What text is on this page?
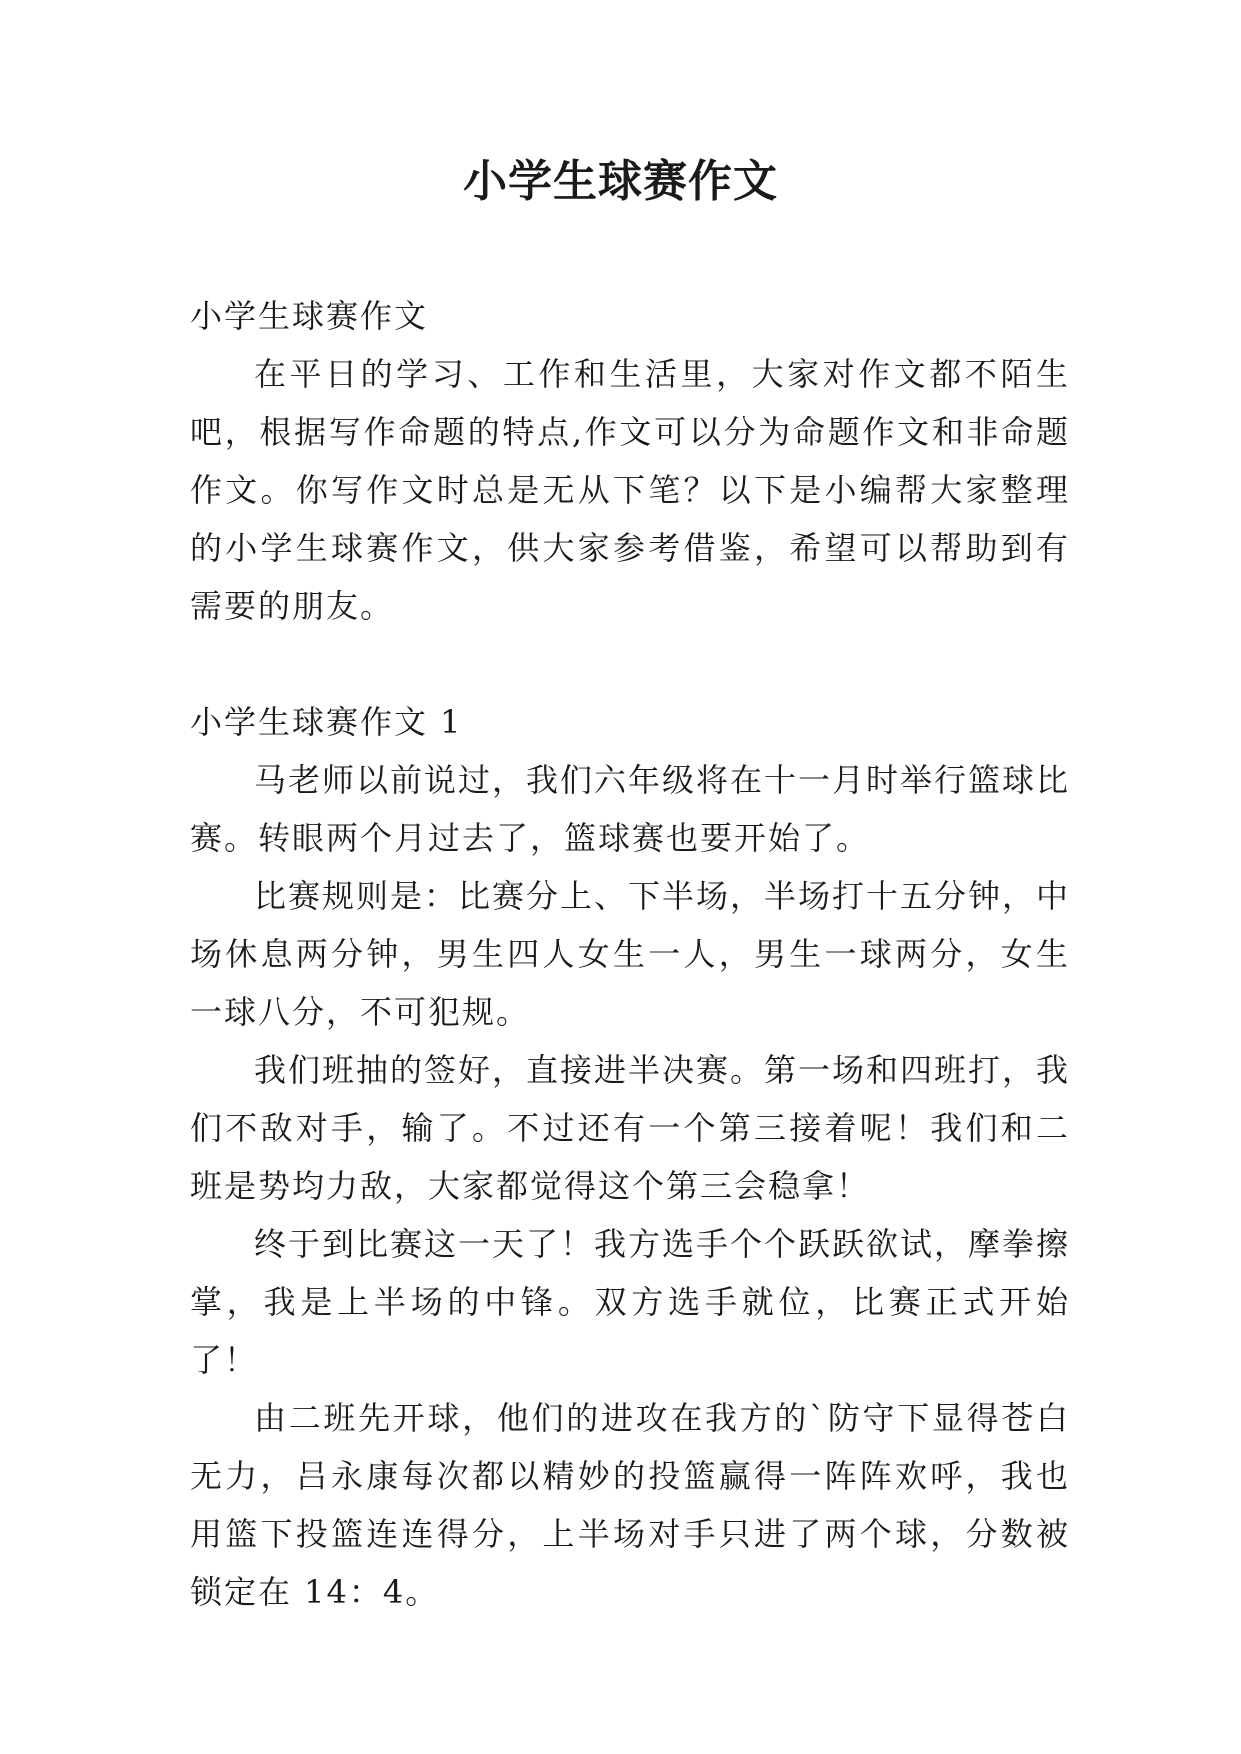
小学生球赛作文

小学生球赛作文

在平日的学习、工作和生活里，大家对作文都不陌生吧，根据写作命题的特点,作文可以分为命题作文和非命题作文。你写作文时总是无从下笔？以下是小编帮大家整理的小学生球赛作文，供大家参考借鉴，希望可以帮助到有需要的朋友。

小学生球赛作文 1

马老师以前说过，我们六年级将在十一月时举行篮球比赛。转眼两个月过去了，篮球赛也要开始了。

比赛规则是：比赛分上、下半场，半场打十五分钟，中场休息两分钟，男生四人女生一人，男生一球两分，女生一球八分，不可犯规。

我们班抽的签好，直接进半决赛。第一场和四班打，我们不敌对手，输了。不过还有一个第三接着呢！我们和二班是势均力敌，大家都觉得这个第三会稳拿！

终于到比赛这一天了！我方选手个个跃跃欲试，摩拳擦掌，我是上半场的中锋。双方选手就位，比赛正式开始了！

由二班先开球，他们的进攻在我方的`防守下显得苍白无力，吕永康每次都以精妙的投篮赢得一阵阵欢呼，我也用篮下投篮连连得分，上半场对手只进了两个球，分数被锁定在 14：4。
